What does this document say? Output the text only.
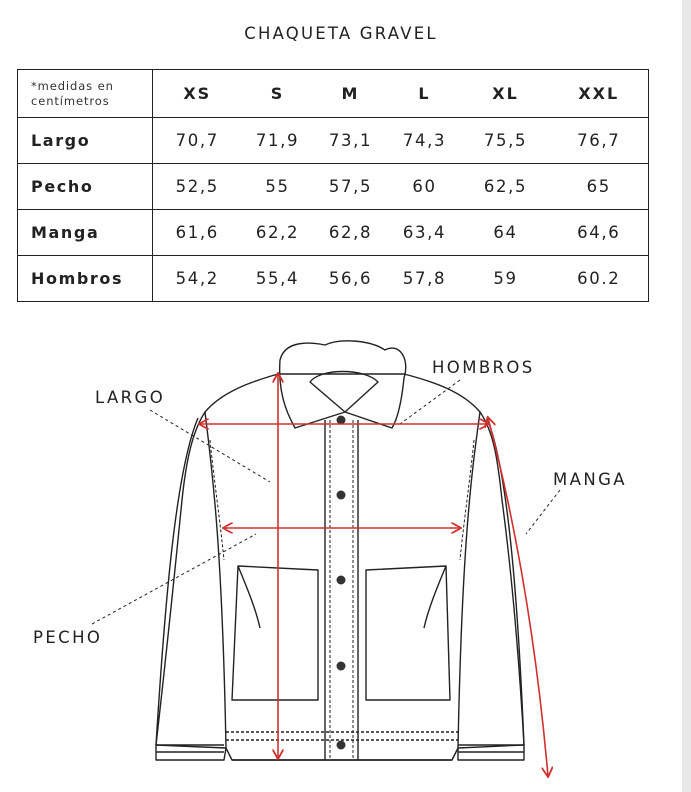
CHAQUETA GRAVEL
*medidas en centímetros	XS	S	M	L	XL	XXL
Largo	70,7	71,9	73,1	74,3	75,5	76,7
Pecho	52,5	55	57,5	60	62,5	65
Manga	61,6	62,2	62,8	63,4	64	64,6
Hombros	54,2	55,4	56,6	57,8	59	60.2
LARGO
HOMBROS
MANGA
PECHO
